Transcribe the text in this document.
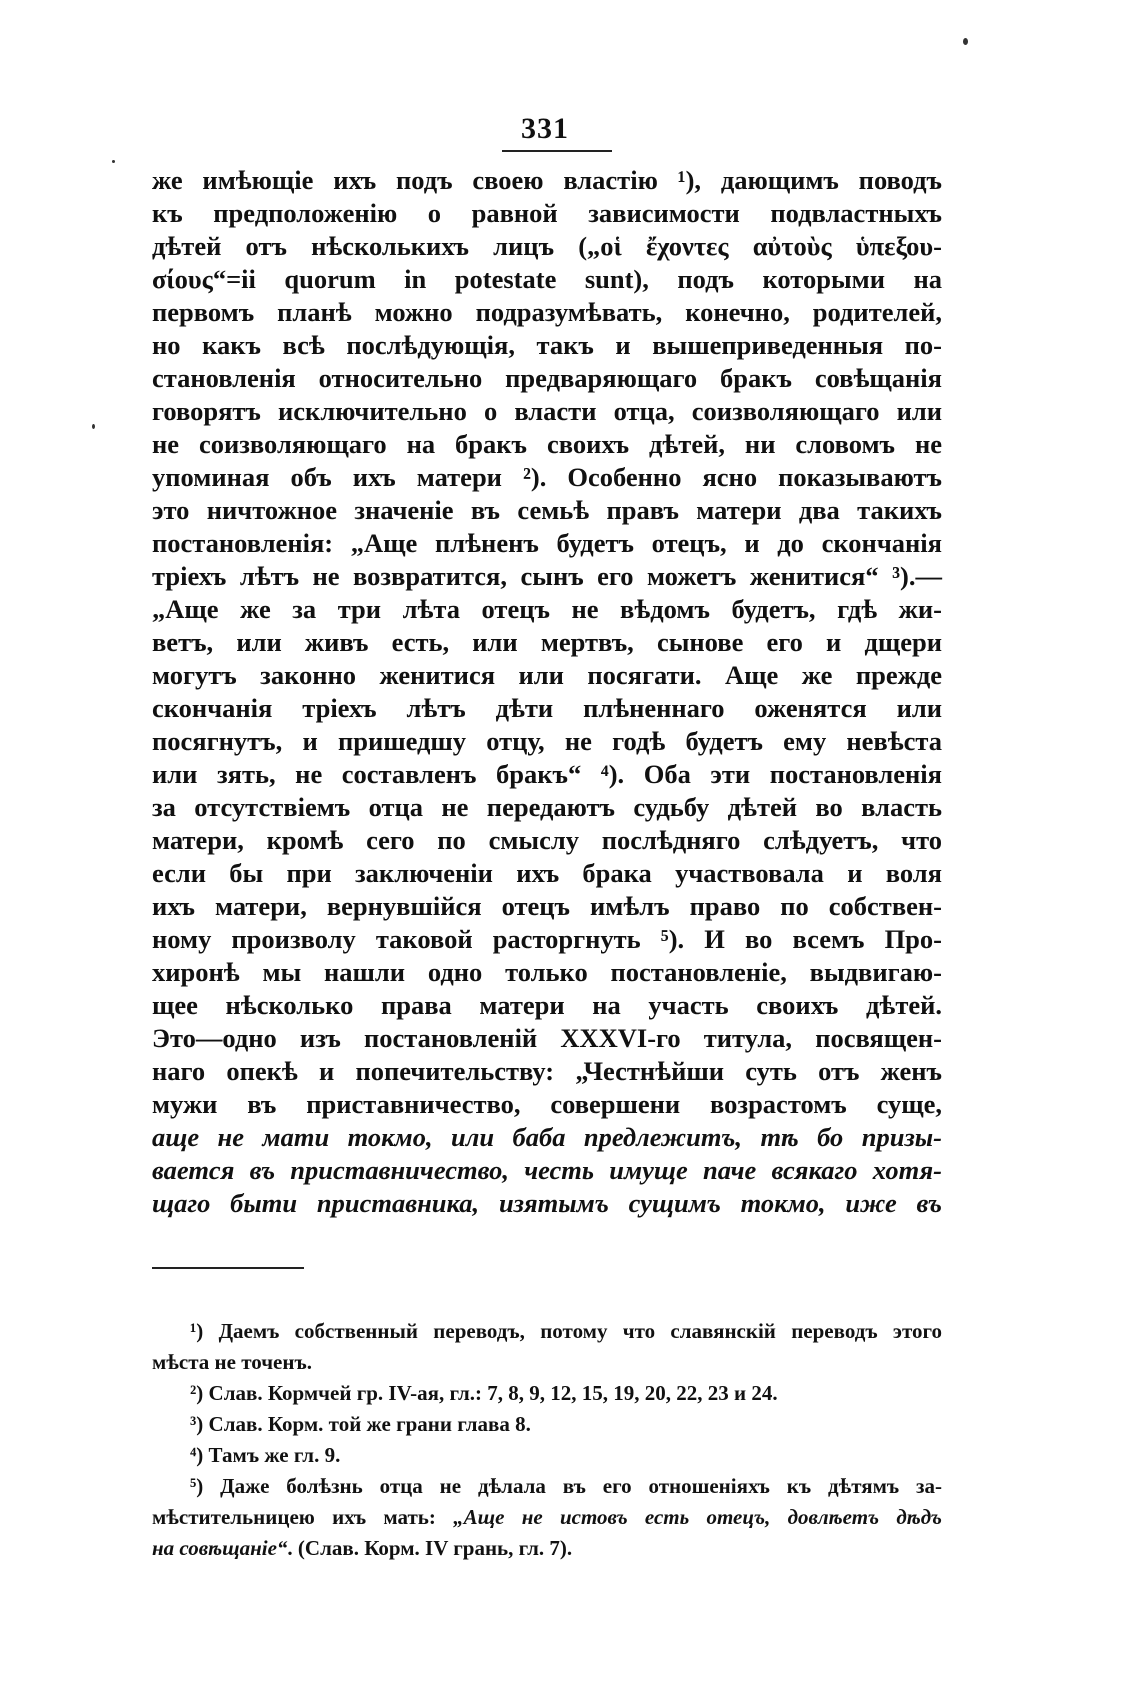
331
же имѣющіе ихъ подъ своею властію ¹), дающимъ поводъ
къ предположенію о равной зависимости подвластныхъ
дѣтей отъ нѣсколькихъ лицъ („οἱ ἔχοντες αὐτοὺς ὑπεξου-
σίους“=ii quorum in potestate sunt), подъ которыми на
первомъ планѣ можно подразумѣвать, конечно, родителей,
но какъ всѣ послѣдующія, такъ и вышеприведенныя по-
становленія относительно предваряющаго бракъ совѣщанія
говорятъ исключительно о власти отца, соизволяющаго или
не соизволяющаго на бракъ своихъ дѣтей, ни словомъ не
упоминая объ ихъ матери ²). Особенно ясно показываютъ
это ничтожное значеніе въ семьѣ правъ матери два такихъ
постановленія: „Аще плѣненъ будетъ отецъ, и до скончанія
тріехъ лѣтъ не возвратится, сынъ его можетъ женитися“ ³).—
„Аще же за три лѣта отецъ не вѣдомъ будетъ, гдѣ жи-
ветъ, или живъ есть, или мертвъ, сынове его и дщери
могутъ законно женитися или посягати. Аще же прежде
скончанія тріехъ лѣтъ дѣти плѣненнаго оженятся или
посягнутъ, и пришедшу отцу, не годѣ будетъ ему невѣста
или зять, не составленъ бракъ“ ⁴). Оба эти постановленія
за отсутствіемъ отца не передаютъ судьбу дѣтей во власть
матери, кромѣ сего по смыслу послѣдняго слѣдуетъ, что
если бы при заключеніи ихъ брака участвовала и воля
ихъ матери, вернувшійся отецъ имѣлъ право по собствен-
ному произволу таковой расторгнуть ⁵). И во всемъ Про-
хиронѣ мы нашли одно только постановленіе, выдвигаю-
щее нѣсколько права матери на участь своихъ дѣтей.
Это—одно изъ постановленій XXXVI-го титула, посвящен-
наго опекѣ и попечительству: „Честнѣйши суть отъ женъ
мужи въ приставничество, совершени возрастомъ суще,
аще не мати токмо, или баба предлежитъ, тѣ бо призы-
вается въ приставничество, честь имуще паче всякаго хотя-
щаго быти приставника, изятымъ сущимъ токмо, иже въ
¹) Даемъ собственный переводъ, потому что славянскій переводъ этого
мѣста не точенъ.
²) Слав. Кормчей гр. IV-ая, гл.: 7, 8, 9, 12, 15, 19, 20, 22, 23 и 24.
³) Слав. Корм. той же грани глава 8.
⁴) Тамъ же гл. 9.
⁵) Даже болѣзнь отца не дѣлала въ его отношеніяхъ къ дѣтямъ за-
мѣстительницею ихъ мать: „Аще не истовъ есть отецъ, довлѣетъ дѣдъ
на совѣщаніе“. (Слав. Корм. IV грань, гл. 7).
